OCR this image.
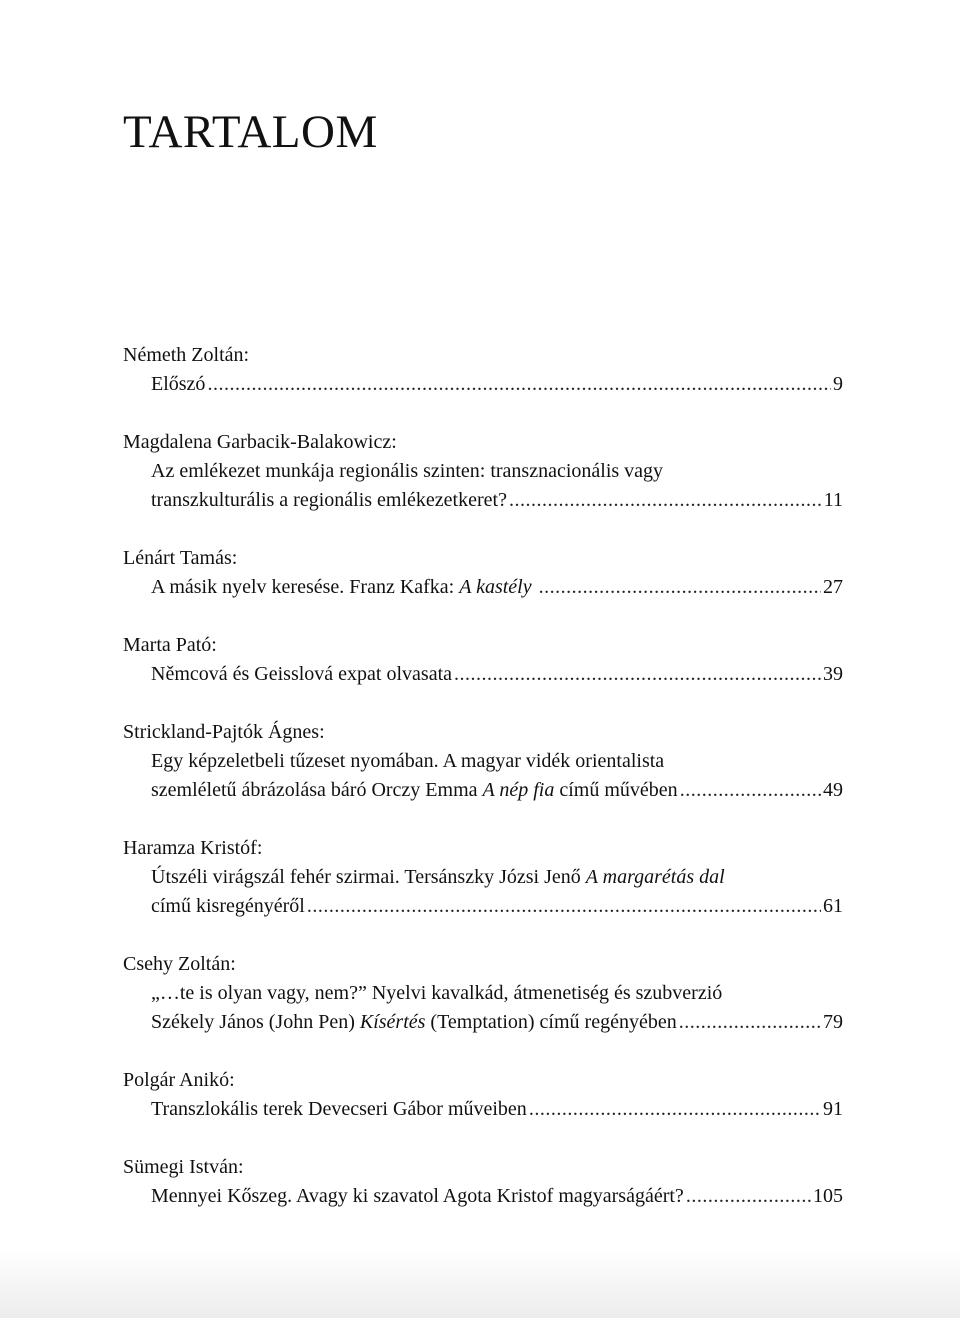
TARTALOM
Németh Zoltán:
Előszó .....	9
Magdalena Garbacik-Balakowicz:
Az emlékezet munkája regionális szinten: transznacionális vagy
transzkulturális a regionális emlékezetkeret? .....	11
Lénárt Tamás:
A másik nyelv keresése. Franz Kafka: A kastély .....	27
Marta Pató:
Němcová és Geisslová expat olvasata .....	39
Strickland-Pajtók Ágnes:
Egy képzeletbeli tűzeset nyomában. A magyar vidék orientalista
szemléletű ábrázolása báró Orczy Emma A nép fia című művében .....	49
Haramza Kristóf:
Útszéli virágszál fehér szirmai. Tersánszky Józsi Jenő A margarétás dal
című kisregényéről .....	61
Csehy Zoltán:
„…te is olyan vagy, nem?” Nyelvi kavalkád, átmenetiség és szubverzió
Székely János (John Pen) Kísértés (Temptation) című regényében .....	79
Polgár Anikó:
Transzlokális terek Devecseri Gábor műveiben .....	91
Sümegi István:
Mennyei Kőszeg. Avagy ki szavatol Agota Kristof magyarságáért? .....	105
